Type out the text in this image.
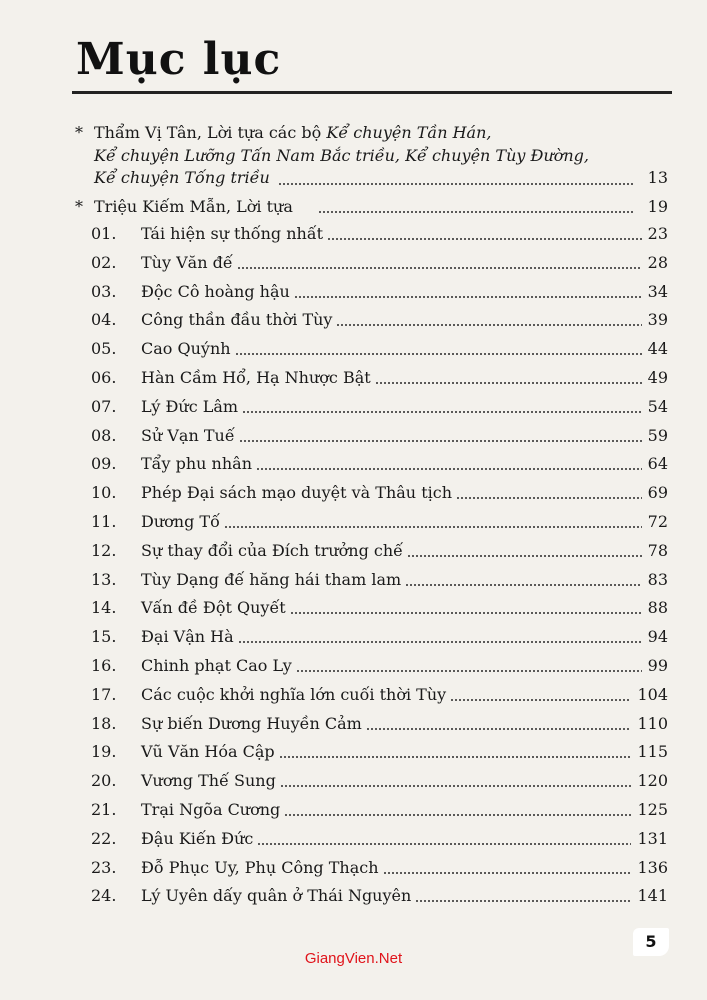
Mục lục
* Thẩm Vị Tân, Lời tựa các bộ Kể chuyện Tần Hán,
Kể chuyện Lưỡng Tấn Nam Bắc triều, Kể chuyện Tùy Đường,
Kể chuyện Tống triều	13
* Triệu Kiếm Mẫn, Lời tựa	19
01. Tái hiện sự thống nhất	23
02. Tùy Văn đế	28
03. Độc Cô hoàng hậu	34
04. Công thần đầu thời Tùy	39
05. Cao Quýnh	44
06. Hàn Cầm Hổ, Hạ Nhược Bật	49
07. Lý Đức Lâm	54
08. Sử Vạn Tuế	59
09. Tẩy phu nhân	64
10. Phép Đại sách mạo duyệt và Thâu tịch	69
11. Dương Tố	72
12. Sự thay đổi của Đích trưởng chế	78
13. Tùy Dạng đế hăng hái tham lam	83
14. Vấn đề Đột Quyết	88
15. Đại Vận Hà	94
16. Chinh phạt Cao Ly	99
17. Các cuộc khởi nghĩa lớn cuối thời Tùy	104
18. Sự biến Dương Huyền Cảm	110
19. Vũ Văn Hóa Cập	115
20. Vương Thế Sung	120
21. Trại Ngõa Cương	125
22. Đậu Kiến Đức	131
23. Đỗ Phục Uy, Phụ Công Thạch	136
24. Lý Uyên dấy quân ở Thái Nguyên	141
5
GiangVien.Net
